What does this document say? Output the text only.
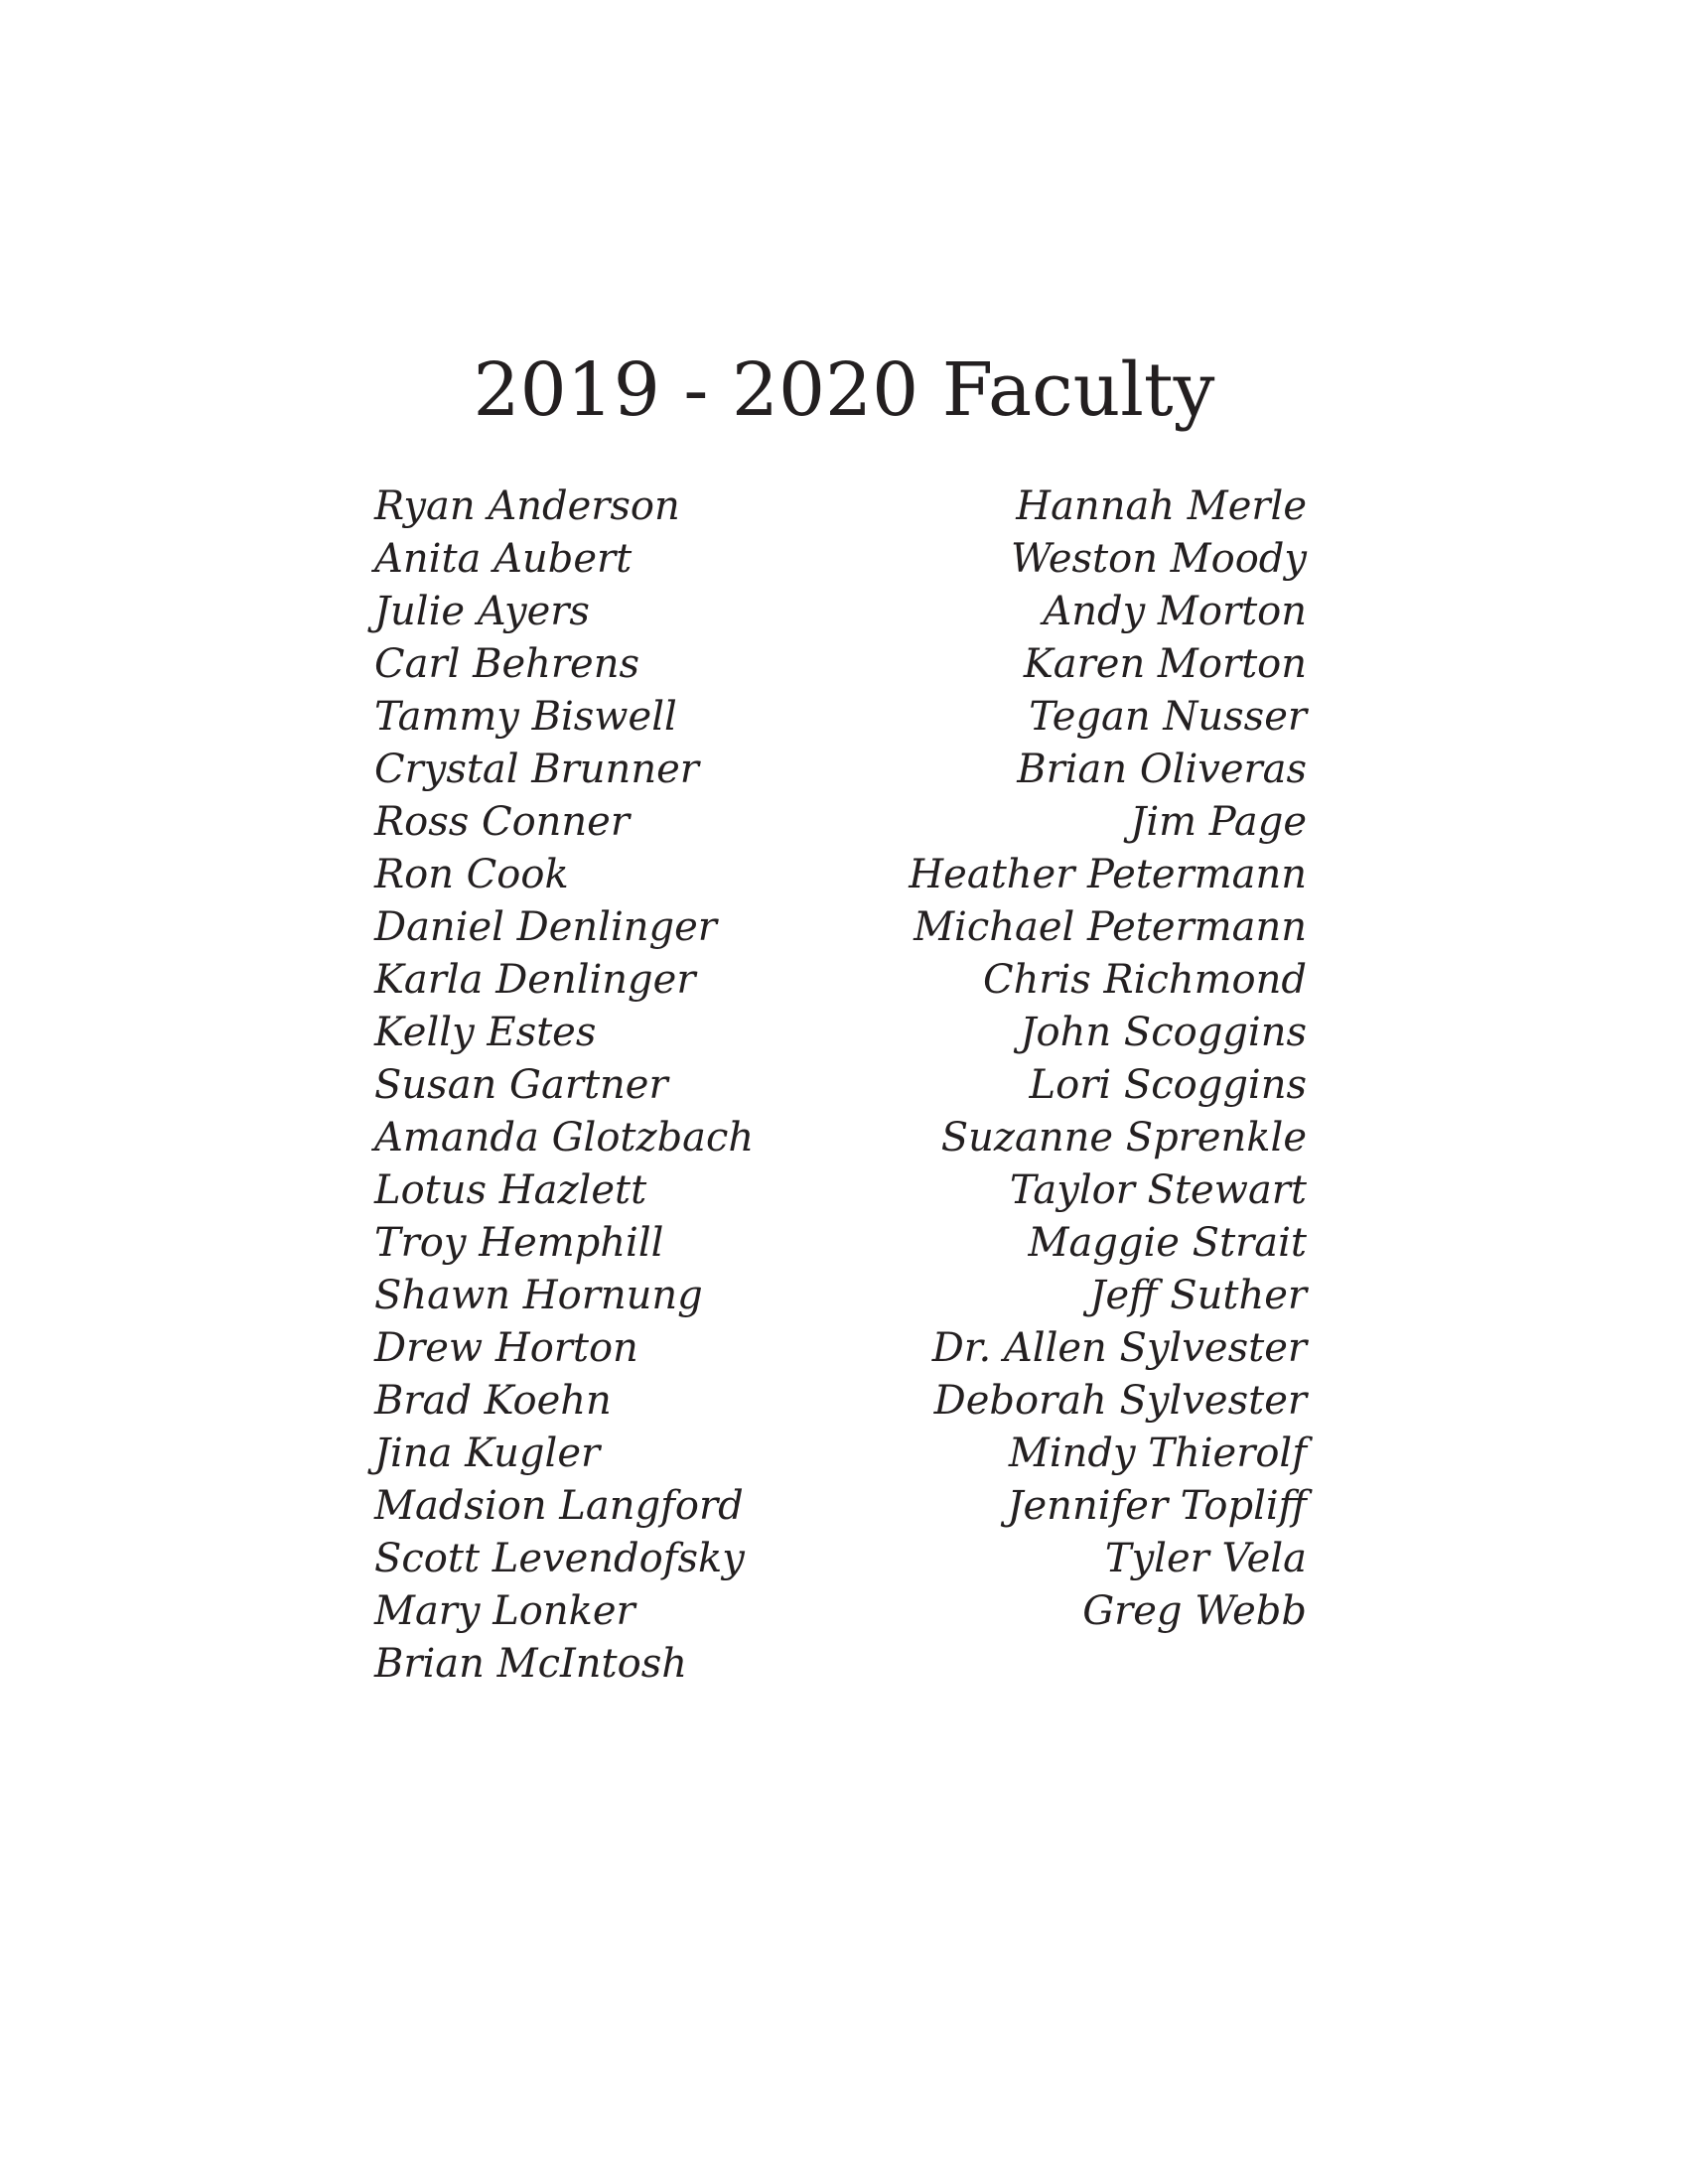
2019 - 2020 Faculty
Ryan Anderson
Anita Aubert
Julie Ayers
Carl Behrens
Tammy Biswell
Crystal Brunner
Ross Conner
Ron Cook
Daniel Denlinger
Karla Denlinger
Kelly Estes
Susan Gartner
Amanda Glotzbach
Lotus Hazlett
Troy Hemphill
Shawn Hornung
Drew Horton
Brad Koehn
Jina Kugler
Madsion Langford
Scott Levendofsky
Mary Lonker
Brian McIntosh
Hannah Merle
Weston Moody
Andy Morton
Karen Morton
Tegan Nusser
Brian Oliveras
Jim Page
Heather Petermann
Michael Petermann
Chris Richmond
John Scoggins
Lori Scoggins
Suzanne Sprenkle
Taylor Stewart
Maggie Strait
Jeff Suther
Dr. Allen Sylvester
Deborah Sylvester
Mindy Thierolf
Jennifer Topliff
Tyler Vela
Greg Webb
